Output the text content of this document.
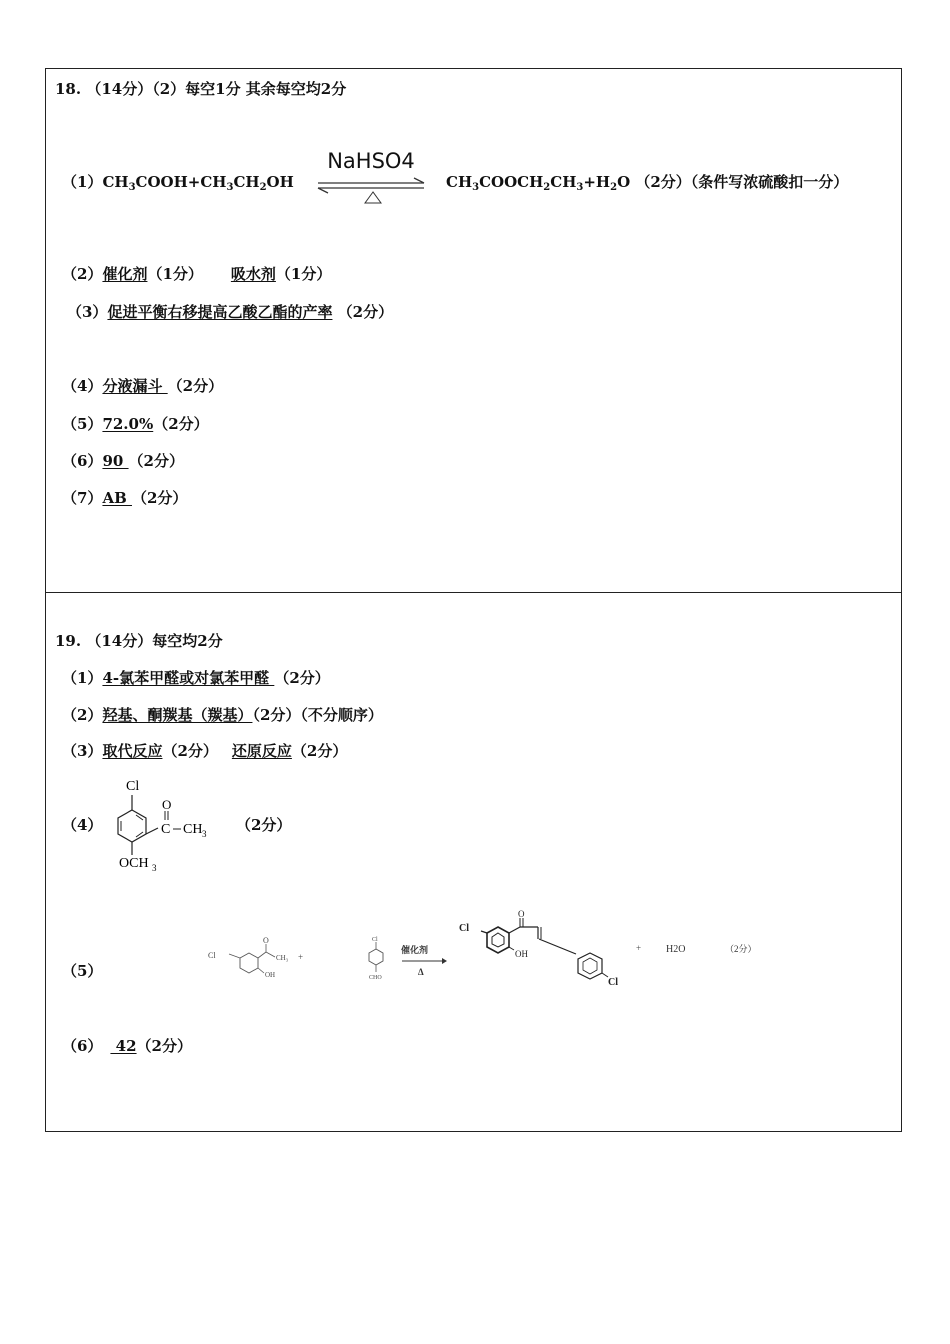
18. （14分）（2）每空1分 其余每空均2分
$(1)CH_3COOH+CH_3CH_2OH$
NaHSO4
$CH_3COOCH_2CH_3+H_2O$ （2分）（条件写浓硫酸扣一分）
（2）催化剂（1分） 吸水剂（1分）
（3）促进平衡右移提高乙酸乙酯的产率 （2分）
（4）分液漏斗 （2分）
（5）72.0%（2分）
（6）90 （2分）
（7）AB （2分）
19. （14分）每空均2分
（1）4-氯苯甲醛或对氯苯甲醛 （2分）
（2）羟基、酮羰基（羰基）（2分）（不分顺序）
（3）取代反应（2分） 还原反应（2分）
（4）
Cl
O
C CH 3
OCH 3
（2分）
（5）
Cl
O
CH₃
OH
+
Cl
CHO
催化剂
Δ
Cl
O
OH
Cl
+ H2O	（2分）
（6） 42（2分）
